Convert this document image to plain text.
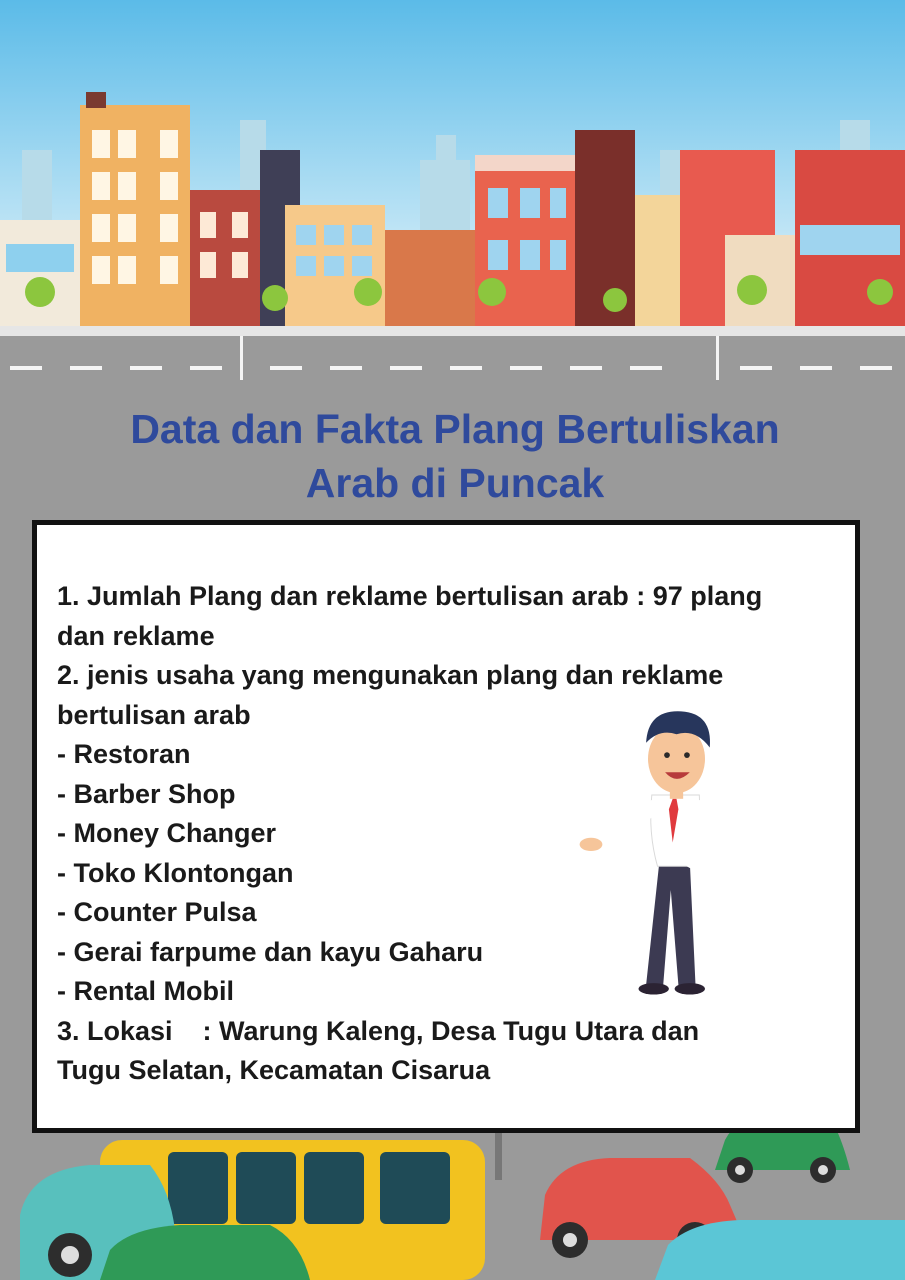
Data dan Fakta Plang Bertuliskan
Arab di Puncak
1. Jumlah Plang dan reklame bertulisan arab : 97 plang
dan reklame
2. jenis usaha yang mengunakan plang dan reklame
bertulisan arab
- Restoran
- Barber Shop
- Money Changer
- Toko Klontongan
- Counter Pulsa
- Gerai farpume dan kayu Gaharu
- Rental Mobil
3. Lokasi    : Warung Kaleng, Desa Tugu Utara dan
Tugu Selatan, Kecamatan Cisarua
